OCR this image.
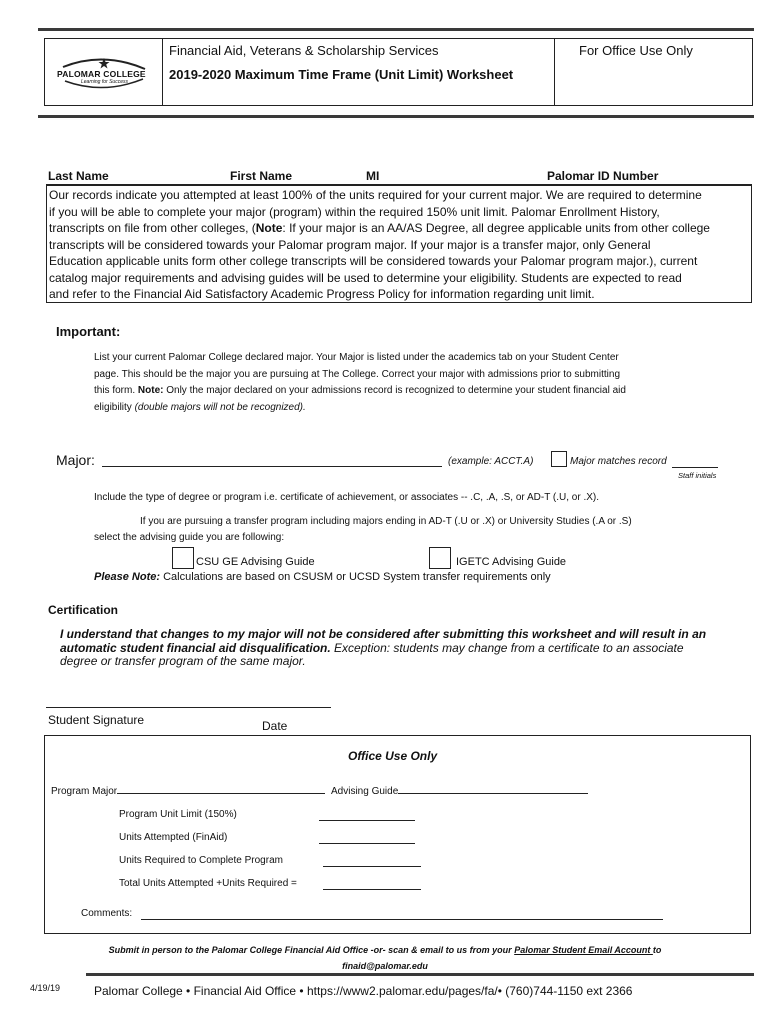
PALOMAR COLLEGE
Learning for Success
Financial Aid, Veterans & Scholarship Services
2019-2020 Maximum Time Frame (Unit Limit) Worksheet
For Office Use Only
Last Name	First Name	MI	Palomar ID Number

Our records indicate you attempted at least 100% of the units required for your current major. We are required to determine

if you will be able to complete your major (program) within the required 150% unit limit. Palomar Enrollment History,

transcripts on file from other colleges, (Note: If your major is an AA/AS Degree, all degree applicable units from other college

transcripts will be considered towards your Palomar program major. If your major is a transfer major, only General

Education applicable units form other college transcripts will be considered towards your Palomar program major.), current

catalog major requirements and advising guides will be used to determine your eligibility. Students are expected to read

and refer to the Financial Aid Satisfactory Academic Progress Policy for information regarding unit limit.

Important:

List your current Palomar College declared major. Your Major is listed under the academics tab on your Student Center

page. This should be the major you are pursuing at The College. Correct your major with admissions prior to submitting

this form. Note: Only the major declared on your admissions record is recognized to determine your student financial aid

eligibility (double majors will not be recognized).

Major:	(example: ACCT.A)	Major matches record
Staff initials
Include the type of degree or program i.e. certificate of achievement, or associates -- .C, .A, .S, or AD-T (.U, or .X).
If you are pursuing a transfer program including majors ending in AD-T (.U or .X) or University Studies (.A or .S)
select the advising guide you are following:
CSU GE Advising Guide	IGETC Advising Guide
Please Note: Calculations are based on CSUSM or UCSD System transfer requirements only
Certification

I understand that changes to my major will not be considered after submitting this worksheet and will result in an

automatic student financial aid disqualification. Exception: students may change from a certificate to an associate

degree or transfer program of the same major.

Student Signature	Date
Office Use Only
Program Major	Advising Guide
Program Unit Limit (150%)
Units Attempted (FinAid)
Units Required to Complete Program
Total Units Attempted +Units Required =
Comments:
Submit in person to the Palomar College Financial Aid Office -or- scan & email to us from your Palomar Student Email Account to
finaid@palomar.edu
4/19/19	Palomar College • Financial Aid Office • https://www2.palomar.edu/pages/fa/• (760)744-1150 ext 2366
